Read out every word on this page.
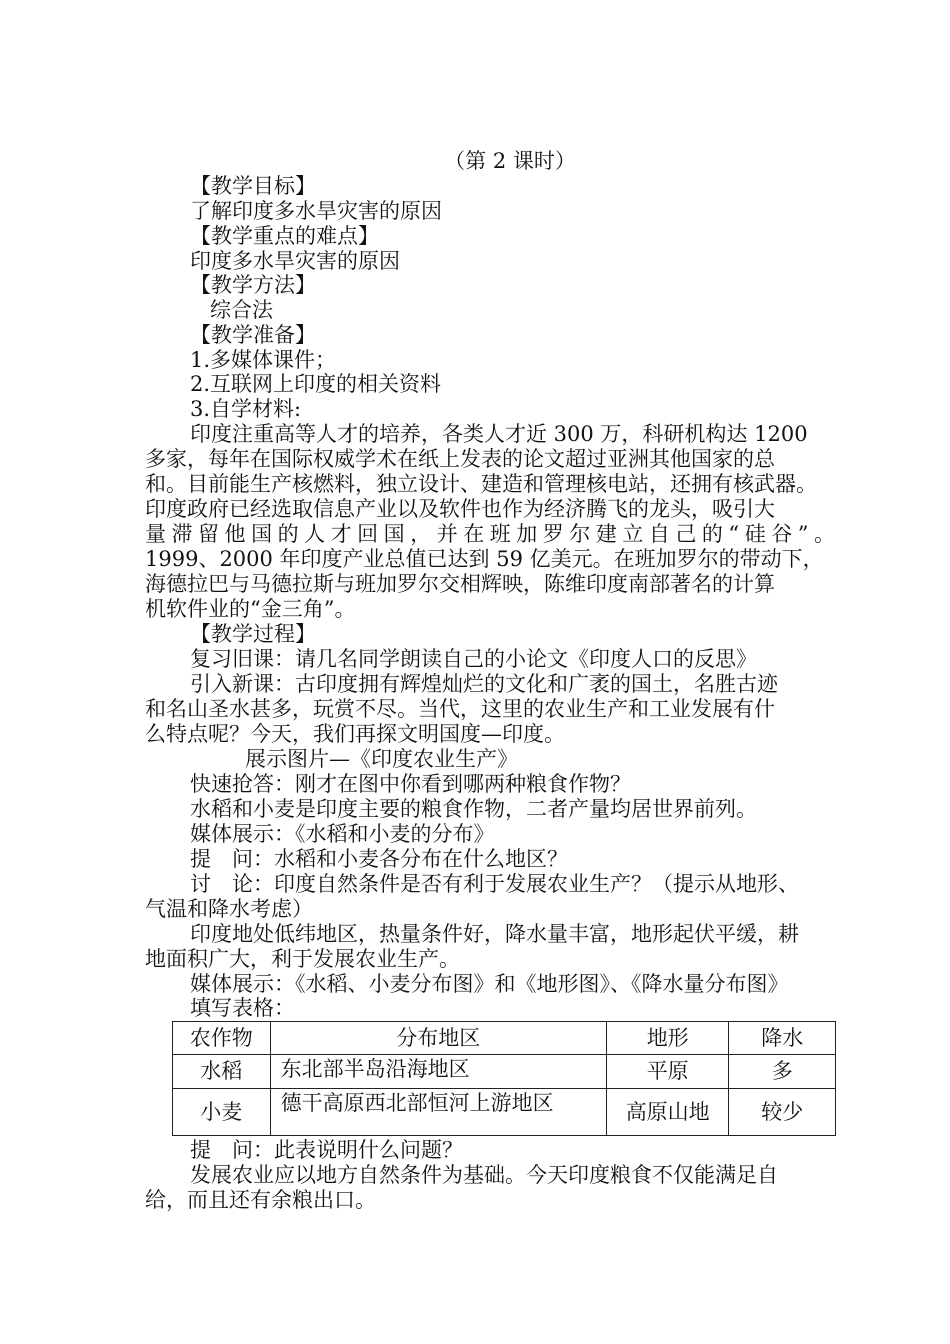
（第 2 课时）
【教学目标】
了解印度多水旱灾害的原因
【教学重点的难点】
印度多水旱灾害的原因
【教学方法】
综合法
【教学准备】
1.多媒体课件；
2.互联网上印度的相关资料
3.自学材料:
印度注重高等人才的培养，各类人才近 300 万，科研机构达 1200
多家，每年在国际权威学术在纸上发表的论文超过亚洲其他国家的总
和。目前能生产核燃料，独立设计、建造和管理核电站，还拥有核武器。
印度政府已经选取信息产业以及软件也作为经济腾飞的龙头，吸引大
量滞留他国的人才回国，并在班加罗尔建立自己的“硅谷”。
1999、2000 年印度产业总值已达到 59 亿美元。在班加罗尔的带动下，
海德拉巴与马德拉斯与班加罗尔交相辉映，陈维印度南部著名的计算
机软件业的“金三角”。
【教学过程】
复习旧课：请几名同学朗读自己的小论文《印度人口的反思》
引入新课：古印度拥有辉煌灿烂的文化和广袤的国土，名胜古迹
和名山圣水甚多，玩赏不尽。当代，这里的农业生产和工业发展有什
么特点呢？今天，我们再探文明国度—印度。
展示图片—《印度农业生产》
快速抢答：刚才在图中你看到哪两种粮食作物？
水稻和小麦是印度主要的粮食作物，二者产量均居世界前列。
媒体展示：《水稻和小麦的分布》
提　问：水稻和小麦各分布在什么地区？
讨　论：印度自然条件是否有利于发展农业生产？（提示从地形、
气温和降水考虑）
印度地处低纬地区，热量条件好，降水量丰富，地形起伏平缓，耕
地面积广大，利于发展农业生产。
媒体展示：《水稻、小麦分布图》和《地形图》、《降水量分布图》
填写表格：
农作物	分布地区	地形	降水
水稻	东北部半岛沿海地区	平原	多
小麦	德干高原西北部恒河上游地区	高原山地	较少
提　问：此表说明什么问题？
发展农业应以地方自然条件为基础。今天印度粮食不仅能满足自
给，而且还有余粮出口。
